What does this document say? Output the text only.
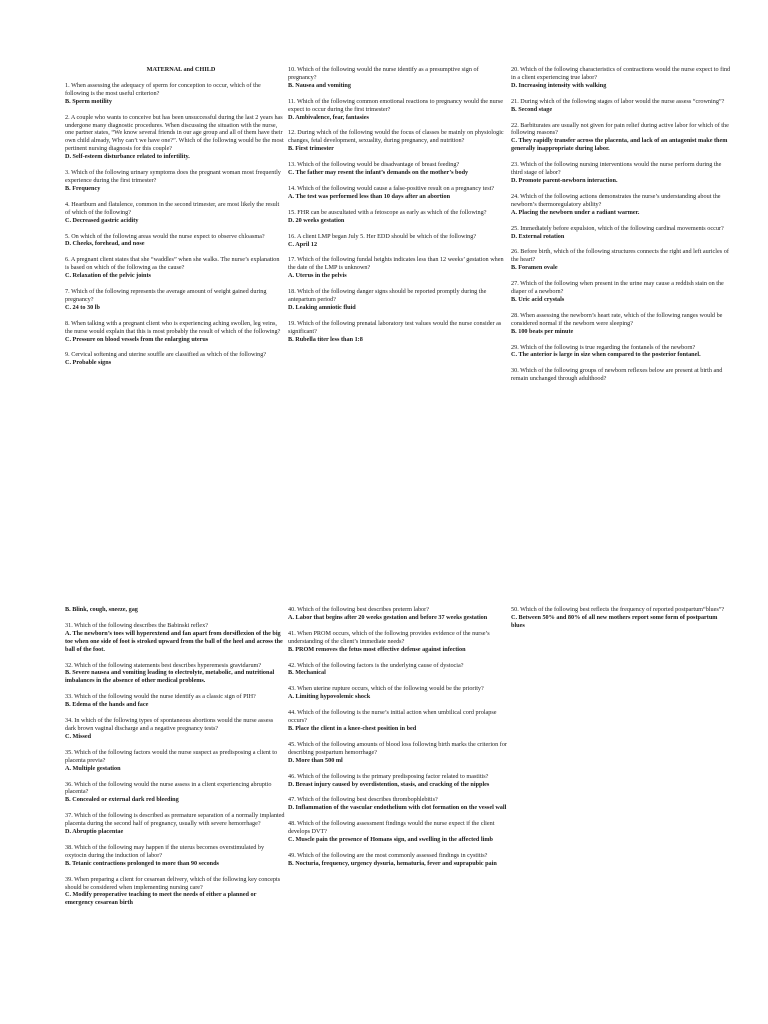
MATERNAL and CHILD
1. When assessing the adequacy of sperm for conception to occur, which of the following is the most useful criterion?
B. Sperm motility
2. A couple who wants to conceive but has been unsuccessful during the last 2 years has undergone many diagnostic procedures. When discussing the situation with the nurse, one partner states, “We know several friends in our age group and all of them have their own child already, Why can’t we have one?”. Which of the following would be the most pertinent nursing diagnosis for this couple?
D. Self-esteem disturbance related to infertility.
3. Which of the following urinary symptoms does the pregnant woman most frequently experience during the first trimester?
B. Frequency
4. Heartburn and flatulence, common in the second trimester, are most likely the result of which of the following?
C. Decreased gastric acidity
5. On which of the following areas would the nurse expect to observe chloasma?
D. Cheeks, forehead, and nose
6. A pregnant client states that she “waddles” when she walks. The nurse’s explanation is based on which of the following as the cause?
C. Relaxation of the pelvic joints
7. Which of the following represents the average amount of weight gained during pregnancy?
C. 24 to 30 lb
8. When talking with a pregnant client who is experiencing aching swollen, leg veins, the nurse would explain that this is most probably the result of which of the following?
C. Pressure on blood vessels from the enlarging uterus
9. Cervical softening and uterine souffle are classified as which of the following?
C. Probable signs
10. Which of the following would the nurse identify as a presumptive sign of pregnancy?
B. Nausea and vomiting
11. Which of the following common emotional reactions to pregnancy would the nurse expect to occur during the first trimester?
D. Ambivalence, fear, fantasies
12. During which of the following would the focus of classes be mainly on physiologic changes, fetal development, sexuality, during pregnancy, and nutrition?
B. First trimester
13. Which of the following would be disadvantage of breast feeding?
C. The father may resent the infant’s demands on the mother’s body
14. Which of the following would cause a false-positive result on a pregnancy test?
A. The test was performed less than 10 days after an abortion
15. FHR can be auscultated with a fetoscope as early as which of the following?
D. 20 weeks gestation
16. A client LMP began July 5. Her EDD should be which of the following?
C. April 12
17. Which of the following fundal heights indicates less than 12 weeks’ gestation when the date of the LMP is unknown?
A. Uterus in the pelvis
18. Which of the following danger signs should be reported promptly during the antepartum period?
D. Leaking amniotic fluid
19. Which of the following prenatal laboratory test values would the nurse consider as significant?
B. Rubella titer less than 1:8
20. Which of the following characteristics of contractions would the nurse expect to find in a client experiencing true labor?
D. Increasing intensity with walking
21. During which of the following stages of labor would the nurse assess “crowning”?
B. Second stage
22. Barbiturates are usually not given for pain relief during active labor for which of the following reasons?
C. They rapidly transfer across the placenta, and lack of an antagonist make them generally inappropriate during labor.
23. Which of the following nursing interventions would the nurse perform during the third stage of labor?
D. Promote parent-newborn interaction.
24. Which of the following actions demonstrates the nurse’s understanding about the newborn’s thermoregulatory ability?
A. Placing the newborn under a radiant warmer.
25. Immediately before expulsion, which of the following cardinal movements occur?
D. External rotation
26. Before birth, which of the following structures connects the right and left auricles of the heart?
B. Foramen ovale
27. Which of the following when present in the urine may cause a reddish stain on the diaper of a newborn?
B. Uric acid crystals
28. When assessing the newborn’s heart rate, which of the following ranges would be considered normal if the newborn were sleeping?
B. 100 beats per minute
29. Which of the following is true regarding the fontanels of the newborn?
C. The anterior is large in size when compared to the posterior fontanel.
30. Which of the following groups of newborn reflexes below are present at birth and remain unchanged through adulthood?
B. Blink, cough, sneeze, gag
31. Which of the following describes the Babinski reflex?
A. The newborn’s toes will hyperextend and fan apart from dorsiflexion of the big toe when one side of foot is stroked upward from the ball of the heel and across the ball of the foot.
32. Which of the following statements best describes hyperemesis gravidarum?
B. Severe nausea and vomiting leading to electrolyte, metabolic, and nutritional imbalances in the absence of other medical problems.
33. Which of the following would the nurse identify as a classic sign of PIH?
B. Edema of the hands and face
34. In which of the following types of spontaneous abortions would the nurse assess dark brown vaginal discharge and a negative pregnancy tests?
C. Missed
35. Which of the following factors would the nurse suspect as predisposing a client to placenta previa?
A. Multiple gestation
36. Which of the following would the nurse assess in a client experiencing abruptio placenta?
B. Concealed or external dark red bleeding
37. Which of the following is described as premature separation of a normally implanted placenta during the second half of pregnancy, usually with severe hemorrhage?
D. Abruptio placentae
38. Which of the following may happen if the uterus becomes overstimulated by oxytocin during the induction of labor?
B. Tetanic contractions prolonged to more than 90 seconds
39. When preparing a client for cesarean delivery, which of the following key concepts should be considered when implementing nursing care?
C. Modify preoperative teaching to meet the needs of either a planned or emergency cesarean birth
40. Which of the following best describes preterm labor?
A. Labor that begins after 20 weeks gestation and before 37 weeks gestation
41. When PROM occurs, which of the following provides evidence of the nurse’s understanding of the client’s immediate needs?
B. PROM removes the fetus most effective defense against infection
42. Which of the following factors is the underlying cause of dystocia?
B. Mechanical
43. When uterine rupture occurs, which of the following would be the priority?
A. Limiting hypovolemic shock
44. Which of the following is the nurse’s initial action when umbilical cord prolapse occurs?
B. Place the client in a knee-chest position in bed
45. Which of the following amounts of blood loss following birth marks the criterion for describing postpartum hemorrhage?
D. More than 500 ml
46. Which of the following is the primary predisposing factor related to mastitis?
D. Breast injury caused by overdistention, stasis, and cracking of the nipples
47. Which of the following best describes thrombophlebitis?
D. Inflammation of the vascular endothelium with clot formation on the vessel wall
48. Which of the following assessment findings would the nurse expect if the client develops DVT?
C. Muscle pain the presence of Homans sign, and swelling in the affected limb
49. Which of the following are the most commonly assessed findings in cystitis?
B. Nocturia, frequency, urgency dysuria, hematuria, fever and suprapubic pain
50. Which of the following best reflects the frequency of reported postpartum“blues”?
C. Between 50% and 80% of all new mothers report some form of postpartum blues
